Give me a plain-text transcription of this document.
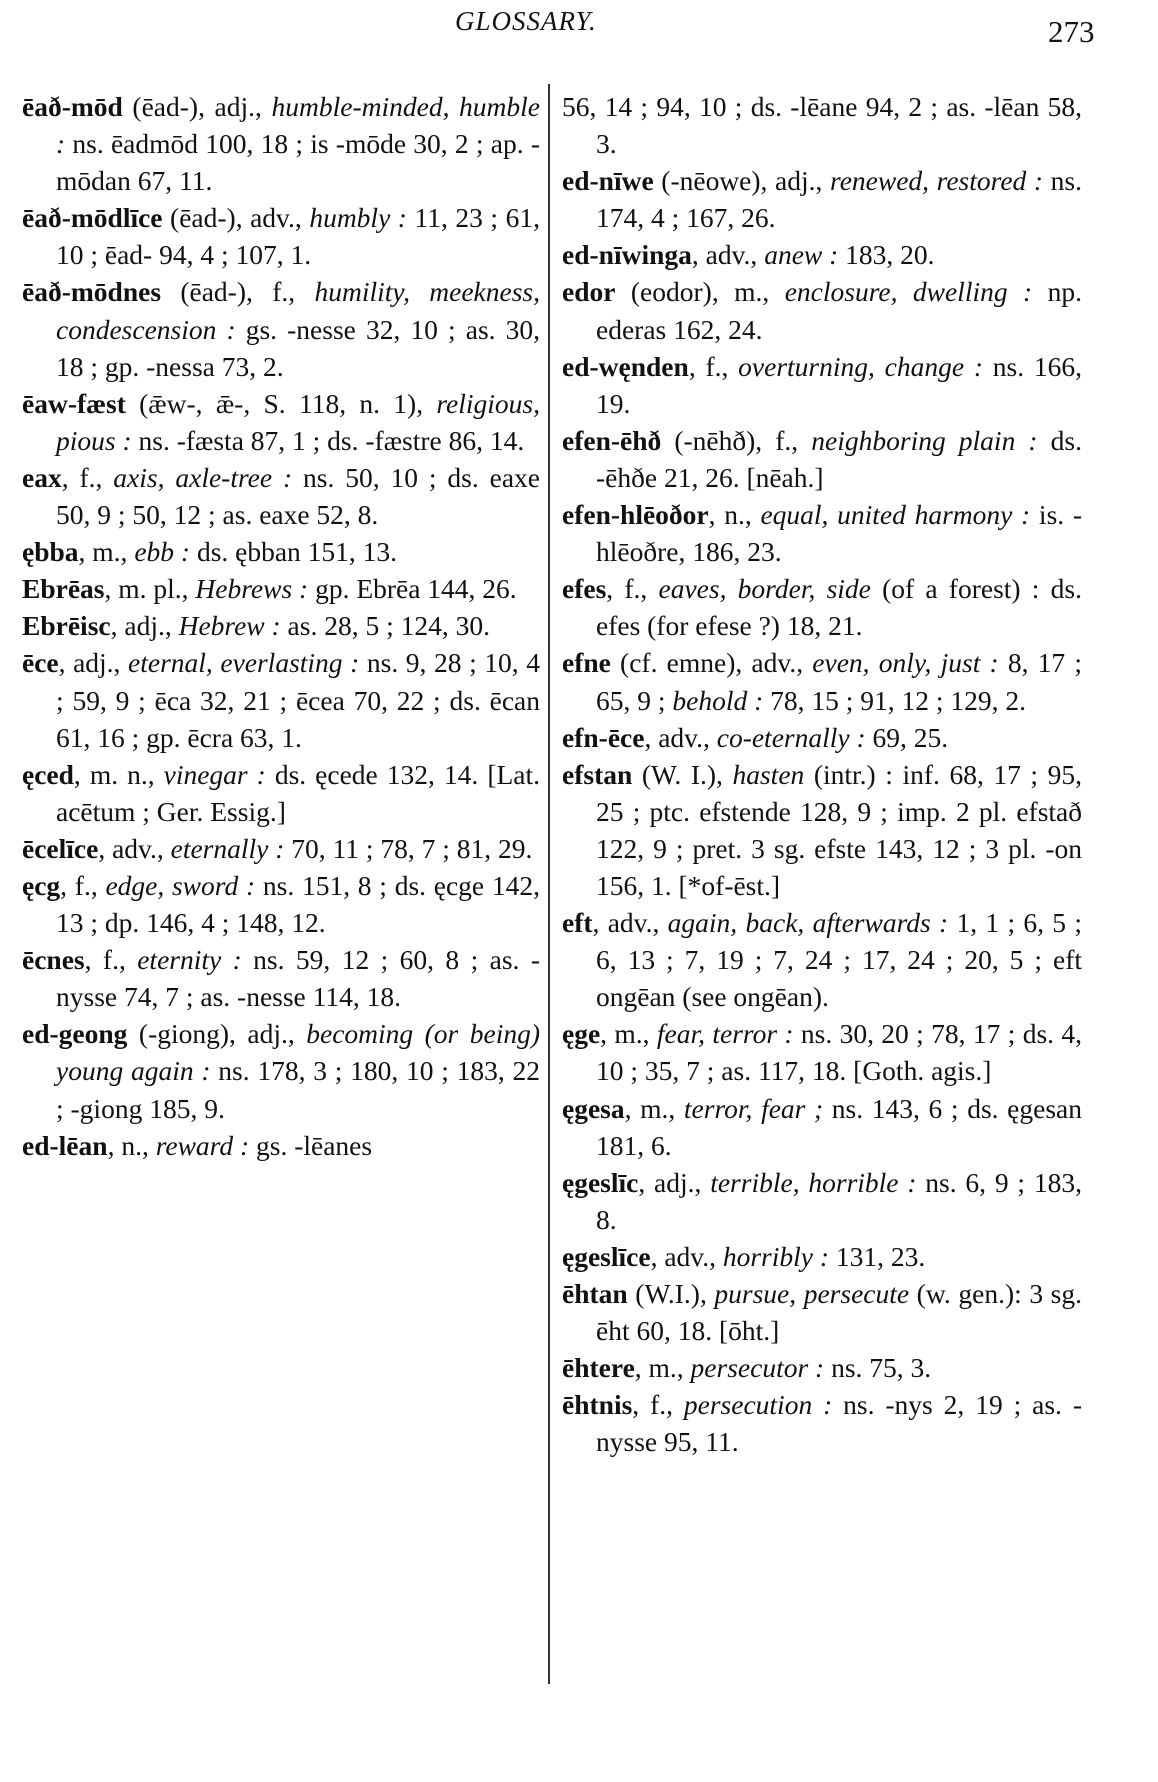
GLOSSARY.	273

ēað-mōd (ēad-), adj., humble-minded, humble : ns. ēadmōd 100, 18 ; is -mōde 30, 2 ; ap. -mōdan 67, 11.

ēað-mōdlīce (ēad-), adv., humbly : 11, 23 ; 61, 10 ; ēad- 94, 4 ; 107, 1.

ēað-mōdnes (ēad-), f., humility, meekness, condescension : gs. -nesse 32, 10 ; as. 30, 18 ; gp. -nessa 73, 2.

ēaw-fæst (ǣw-, ǣ-, S. 118, n. 1), religious, pious : ns. -fæsta 87, 1 ; ds. -fæstre 86, 14.

eax, f., axis, axle-tree : ns. 50, 10 ; ds. eaxe 50, 9 ; 50, 12 ; as. eaxe 52, 8.

ębba, m., ebb : ds. ębban 151, 13.

Ebrēas, m. pl., Hebrews : gp. Ebrēa 144, 26.

Ebrēisc, adj., Hebrew : as. 28, 5 ; 124, 30.

ēce, adj., eternal, everlasting : ns. 9, 28 ; 10, 4 ; 59, 9 ; ēca 32, 21 ; ēcea 70, 22 ; ds. ēcan 61, 16 ; gp. ēcra 63, 1.

ęced, m. n., vinegar : ds. ęcede 132, 14. [Lat. acētum ; Ger. Essig.]

ēcelīce, adv., eternally : 70, 11 ; 78, 7 ; 81, 29.

ęcg, f., edge, sword : ns. 151, 8 ; ds. ęcge 142, 13 ; dp. 146, 4 ; 148, 12.

ēcnes, f., eternity : ns. 59, 12 ; 60, 8 ; as. -nysse 74, 7 ; as. -nesse 114, 18.

ed-geong (-giong), adj., becoming (or being) young again : ns. 178, 3 ; 180, 10 ; 183, 22 ; -giong 185, 9.

ed-lēan, n., reward : gs. -lēanes

56, 14 ; 94, 10 ; ds. -lēane 94, 2 ; as. -lēan 58, 3.

ed-nīwe (-nēowe), adj., renewed, restored : ns. 174, 4 ; 167, 26.

ed-nīwinga, adv., anew : 183, 20.

edor (eodor), m., enclosure, dwelling : np. ederas 162, 24.

ed-węnden, f., overturning, change : ns. 166, 19.

efen-ēhð (-nēhð), f., neighboring plain : ds. -ēhðe 21, 26. [nēah.]

efen-hlēoðor, n., equal, united harmony : is. -hlēoðre, 186, 23.

efes, f., eaves, border, side (of a forest) : ds. efes (for efese ?) 18, 21.

efne (cf. emne), adv., even, only, just : 8, 17 ; 65, 9 ; behold : 78, 15 ; 91, 12 ; 129, 2.

efn-ēce, adv., co-eternally : 69, 25.

efstan (W. I.), hasten (intr.) : inf. 68, 17 ; 95, 25 ; ptc. efstende 128, 9 ; imp. 2 pl. efstað 122, 9 ; pret. 3 sg. efste 143, 12 ; 3 pl. -on 156, 1. [*of-ēst.]

eft, adv., again, back, afterwards : 1, 1 ; 6, 5 ; 6, 13 ; 7, 19 ; 7, 24 ; 17, 24 ; 20, 5 ; eft ongēan (see ongēan).

ęge, m., fear, terror : ns. 30, 20 ; 78, 17 ; ds. 4, 10 ; 35, 7 ; as. 117, 18. [Goth. agis.]

ęgesa, m., terror, fear ; ns. 143, 6 ; ds. ęgesan 181, 6.

ęgeslīc, adj., terrible, horrible : ns. 6, 9 ; 183, 8.

ęgeslīce, adv., horribly : 131, 23.

ēhtan (W.I.), pursue, persecute (w. gen.): 3 sg. ēht 60, 18. [ōht.]

ēhtere, m., persecutor : ns. 75, 3.

ēhtnis, f., persecution : ns. -nys 2, 19 ; as. -nysse 95, 11.
